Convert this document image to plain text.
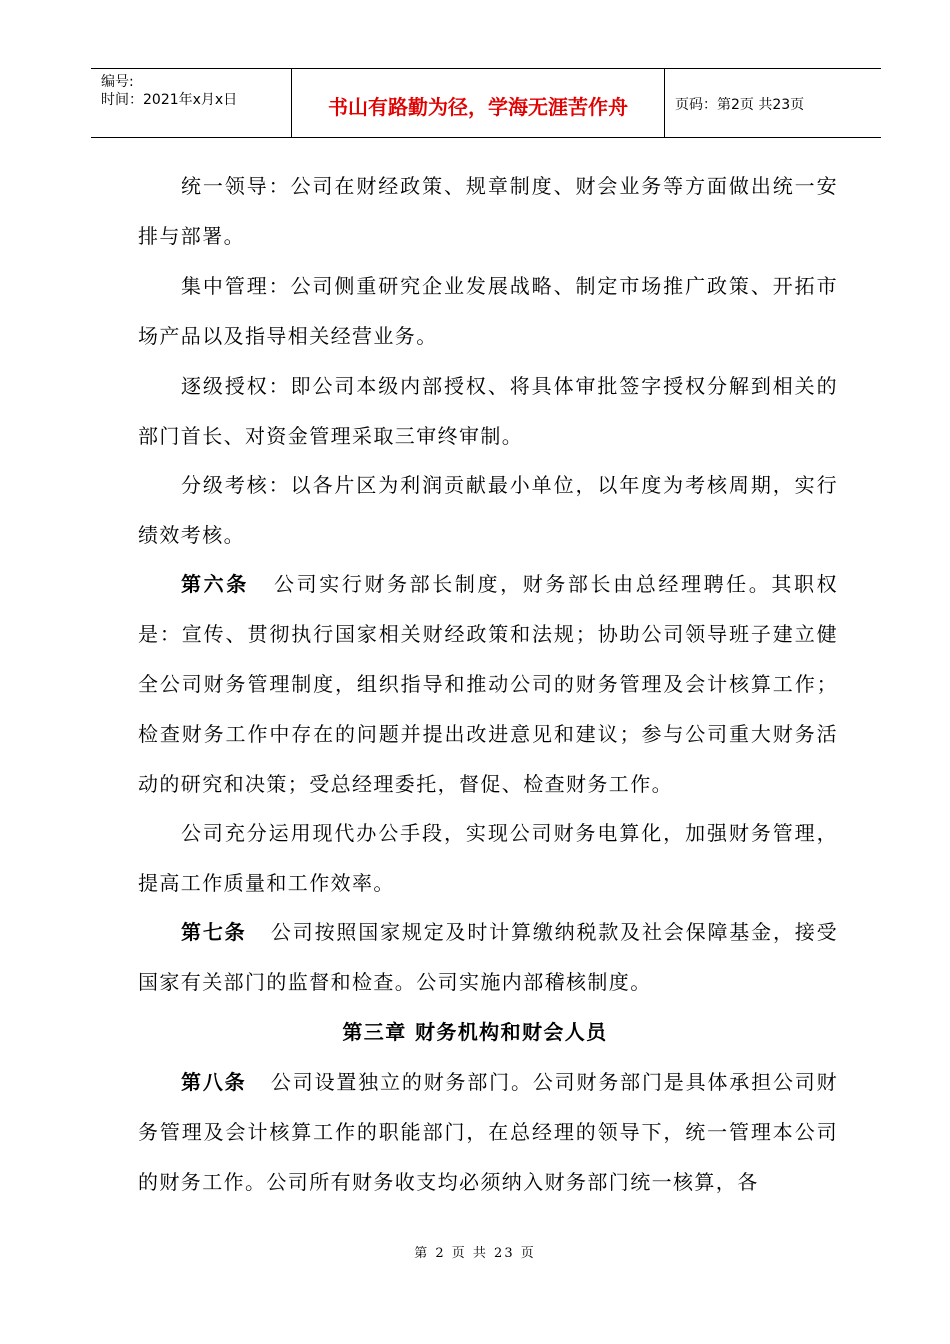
编号:
时间：2021年x月x日	书山有路勤为径，学海无涯苦作舟	页码：第2页 共23页
统一领导：公司在财经政策、规章制度、财会业务等方面做出统一安排与部署。
集中管理：公司侧重研究企业发展战略、制定市场推广政策、开拓市场产品以及指导相关经营业务。
逐级授权：即公司本级内部授权、将具体审批签字授权分解到相关的部门首长、对资金管理采取三审终审制。
分级考核：以各片区为利润贡献最小单位，以年度为考核周期，实行绩效考核。
第六条 公司实行财务部长制度，财务部长由总经理聘任。其职权是：宣传、贯彻执行国家相关财经政策和法规；协助公司领导班子建立健全公司财务管理制度，组织指导和推动公司的财务管理及会计核算工作；检查财务工作中存在的问题并提出改进意见和建议；参与公司重大财务活动的研究和决策；受总经理委托，督促、检查财务工作。
公司充分运用现代办公手段，实现公司财务电算化，加强财务管理，提高工作质量和工作效率。
第七条 公司按照国家规定及时计算缴纳税款及社会保障基金，接受国家有关部门的监督和检查。公司实施内部稽核制度。
第三章 财务机构和财会人员
第八条 公司设置独立的财务部门。公司财务部门是具体承担公司财务管理及会计核算工作的职能部门，在总经理的领导下，统一管理本公司的财务工作。公司所有财务收支均必须纳入财务部门统一核算，各
第 2 页 共 23 页
